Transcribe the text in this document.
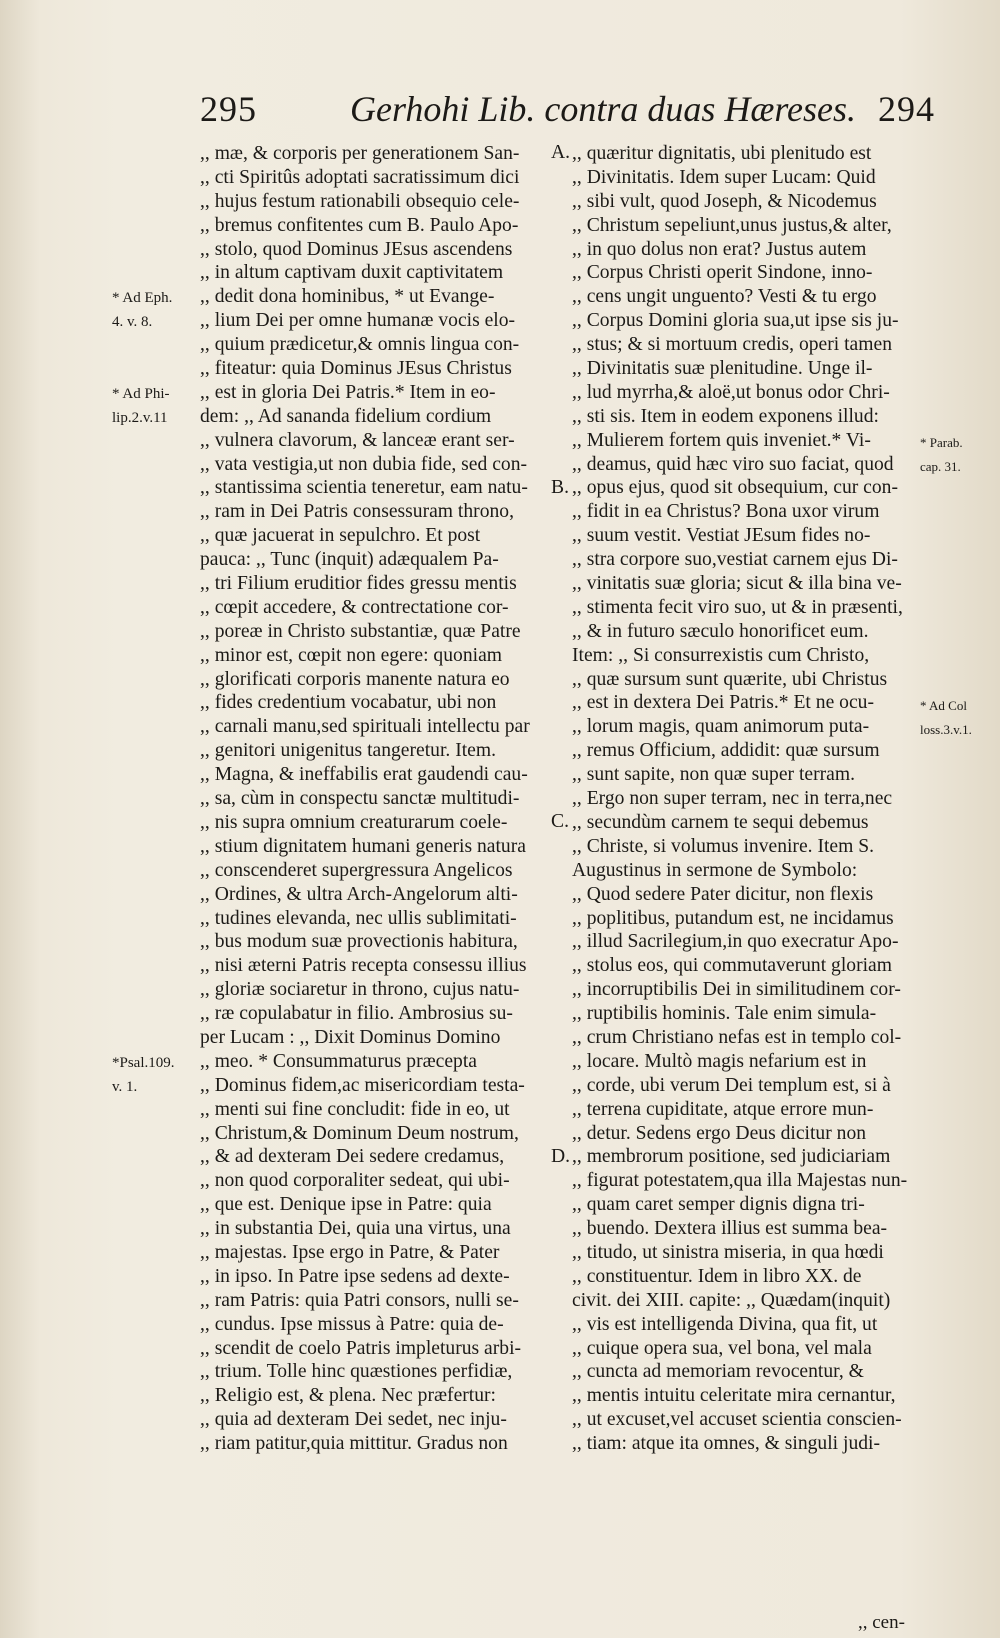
295	Gerhohi Lib. contra duas Hæreses. 294
,, mæ, & corporis per generationem San-
,, cti Spiritûs adoptati sacratissimum dici
,, hujus festum rationabili obsequio cele-
,, bremus confitentes cum B. Paulo Apo-
,, stolo, quod Dominus JEsus ascendens
,, in altum captivam duxit captivitatem
,, dedit dona hominibus, * ut Evange-
,, lium Dei per omne humanæ vocis elo-
,, quium prædicetur,& omnis lingua con-
,, fiteatur: quia Dominus JEsus Christus
,, est in gloria Dei Patris.* Item in eo-
dem: ,, Ad sananda fidelium cordium
,, vulnera clavorum, & lanceæ erant ser-
,, vata vestigia,ut non dubia fide, sed con-
,, stantissima scientia teneretur, eam natu-
,, ram in Dei Patris consessuram throno,
,, quæ jacuerat in sepulchro. Et post
pauca: ,, Tunc (inquit) adæqualem Pa-
,, tri Filium eruditior fides gressu mentis
,, cœpit accedere, & contrectatione cor-
,, poreæ in Christo substantiæ, quæ Patre
,, minor est, cœpit non egere: quoniam
,, glorificati corporis manente natura eo
,, fides credentium vocabatur, ubi non
,, carnali manu,sed spirituali intellectu par
,, genitori unigenitus tangeretur. Item.
,, Magna, & ineffabilis erat gaudendi cau-
,, sa, cùm in conspectu sanctæ multitudi-
,, nis supra omnium creaturarum coele-
,, stium dignitatem humani generis natura
,, conscenderet supergressura Angelicos
,, Ordines, & ultra Arch-Angelorum alti-
,, tudines elevanda, nec ullis sublimitati-
,, bus modum suæ provectionis habitura,
,, nisi æterni Patris recepta consessu illius
,, gloriæ sociaretur in throno, cujus natu-
,, ræ copulabatur in filio. Ambrosius su-
per Lucam : ,, Dixit Dominus Domino
,, meo. * Consummaturus præcepta
,, Dominus fidem,ac misericordiam testa-
,, menti sui fine concludit: fide in eo, ut
,, Christum,& Dominum Deum nostrum,
,, & ad dexteram Dei sedere credamus,
,, non quod corporaliter sedeat, qui ubi-
,, que est. Denique ipse in Patre: quia
,, in substantia Dei, quia una virtus, una
,, majestas. Ipse ergo in Patre, & Pater
,, in ipso. In Patre ipse sedens ad dexte-
,, ram Patris: quia Patri consors, nulli se-
,, cundus. Ipse missus à Patre: quia de-
,, scendit de coelo Patris impleturus arbi-
,, trium. Tolle hinc quæstiones perfidiæ,
,, Religio est, & plena. Nec præfertur:
,, quia ad dexteram Dei sedet, nec inju-
,, riam patitur,quia mittitur. Gradus non
,, quæritur dignitatis, ubi plenitudo est
,, Divinitatis. Idem super Lucam: Quid
,, sibi vult, quod Joseph, & Nicodemus
,, Christum sepeliunt,unus justus,& alter,
,, in quo dolus non erat? Justus autem
,, Corpus Christi operit Sindone, inno-
,, cens ungit unguento? Vesti & tu ergo
,, Corpus Domini gloria sua,ut ipse sis ju-
,, stus; & si mortuum credis, operi tamen
,, Divinitatis suæ plenitudine. Unge il-
,, lud myrrha,& aloë,ut bonus odor Chri-
,, sti sis. Item in eodem exponens illud:
,, Mulierem fortem quis inveniet.* Vi-
,, deamus, quid hæc viro suo faciat, quod
,, opus ejus, quod sit obsequium, cur con-
,, fidit in ea Christus? Bona uxor virum
,, suum vestit. Vestiat JEsum fides no-
,, stra corpore suo,vestiat carnem ejus Di-
,, vinitatis suæ gloria; sicut & illa bina ve-
,, stimenta fecit viro suo, ut & in præsenti,
,, & in futuro sæculo honorificet eum.
Item: ,, Si consurrexistis cum Christo,
,, quæ sursum sunt quærite, ubi Christus
,, est in dextera Dei Patris.* Et ne ocu-
,, lorum magis, quam animorum puta-
,, remus Officium, addidit: quæ sursum
,, sunt sapite, non quæ super terram.
,, Ergo non super terram, nec in terra,nec
,, secundùm carnem te sequi debemus
,, Christe, si volumus invenire. Item S.
Augustinus in sermone de Symbolo:
,, Quod sedere Pater dicitur, non flexis
,, poplitibus, putandum est, ne incidamus
,, illud Sacrilegium,in quo execratur Apo-
,, stolus eos, qui commutaverunt gloriam
,, incorruptibilis Dei in similitudinem cor-
,, ruptibilis hominis. Tale enim simula-
,, crum Christiano nefas est in templo col-
,, locare. Multò magis nefarium est in
,, corde, ubi verum Dei templum est, si à
,, terrena cupiditate, atque errore mun-
,, detur. Sedens ergo Deus dicitur non
,, membrorum positione, sed judiciariam
,, figurat potestatem,qua illa Majestas nun-
,, quam caret semper dignis digna tri-
,, buendo. Dextera illius est summa bea-
,, titudo, ut sinistra miseria, in qua hœdi
,, constituentur. Idem in libro XX. de
civit. dei XIII. capite: ,, Quædam(inquit)
,, vis est intelligenda Divina, qua fit, ut
,, cuique opera sua, vel bona, vel mala
,, cuncta ad memoriam revocentur, &
,, mentis intuitu celeritate mira cernantur,
,, ut excuset,vel accuset scientia conscien-
,, tiam: atque ita omnes, & singuli judi-
* Ad Eph.
4. v. 8.
* Ad Phi-
lip.2.v.11
*Psal.109.
v. 1.
* Parab.
cap. 31.
* Ad Col
loss.3.v.1.
A.
B.
C.
D.
,, cen-
